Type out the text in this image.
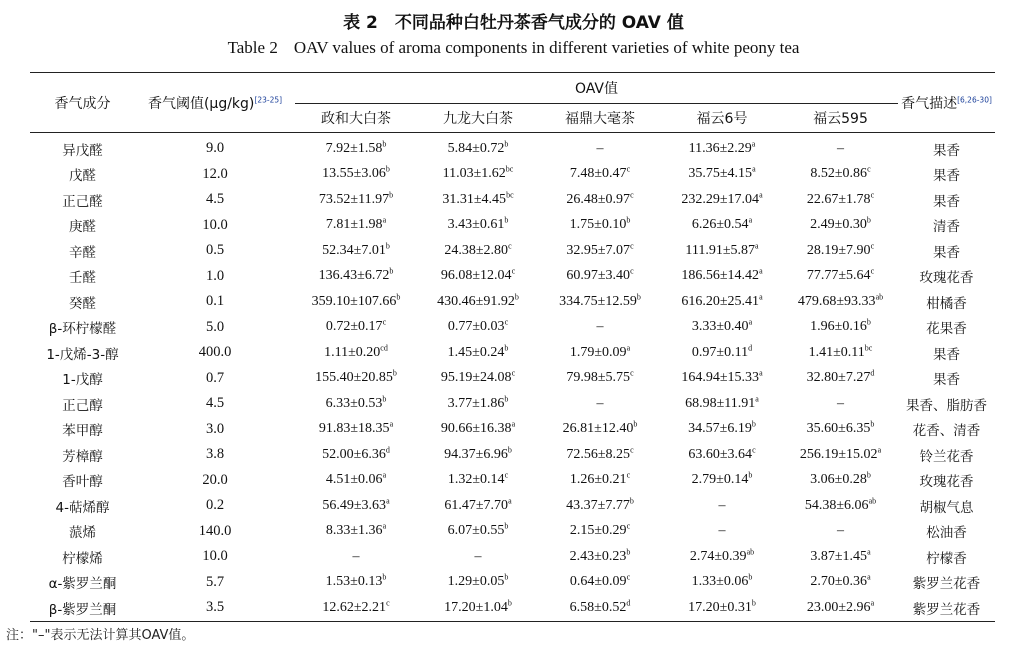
表 2　不同品种白牡丹茶香气成分的 OAV 值
Table 2 OAV values of aroma components in different varieties of white peony tea
香气成分	香气阈值(μg/kg)[23-25]	OAV值					香气描述[6,26-30]
		政和大白茶	九龙大白茶	福鼎大毫茶	福云6号	福云595	
异戊醛	9.0	7.92±1.58$^b$	5.84±0.72$^b$	–	11.36±2.29$^a$	–	果香
戊醛	12.0	13.55±3.06$^b$	11.03±1.62$^{bc}$	7.48±0.47$^c$	35.75±4.15$^a$	8.52±0.86$^c$	果香
正己醛	4.5	73.52±11.97$^b$	31.31±4.45$^{bc}$	26.48±0.97$^c$	232.29±17.04$^a$	22.67±1.78$^c$	果香
庚醛	10.0	7.81±1.98$^a$	3.43±0.61$^b$	1.75±0.10$^b$	6.26±0.54$^a$	2.49±0.30$^b$	清香
辛醛	0.5	52.34±7.01$^b$	24.38±2.80$^c$	32.95±7.07$^c$	111.91±5.87$^a$	28.19±7.90$^c$	果香
壬醛	1.0	136.43±6.72$^b$	96.08±12.04$^c$	60.97±3.40$^c$	186.56±14.42$^a$	77.77±5.64$^c$	玫瑰花香
癸醛	0.1	359.10±107.66$^b$	430.46±91.92$^b$	334.75±12.59$^b$	616.20±25.41$^a$	479.68±93.33$^{ab}$	柑橘香
β-环柠檬醛	5.0	0.72±0.17$^c$	0.77±0.03$^c$	–	3.33±0.40$^a$	1.96±0.16$^b$	花果香
1-戊烯-3-醇	400.0	1.11±0.20$^{cd}$	1.45±0.24$^b$	1.79±0.09$^a$	0.97±0.11$^d$	1.41±0.11$^{bc}$	果香
1-戊醇	0.7	155.40±20.85$^b$	95.19±24.08$^c$	79.98±5.75$^c$	164.94±15.33$^a$	32.80±7.27$^d$	果香
正己醇	4.5	6.33±0.53$^b$	3.77±1.86$^b$	–	68.98±11.91$^a$	–	果香、脂肪香
苯甲醇	3.0	91.83±18.35$^a$	90.66±16.38$^a$	26.81±12.40$^b$	34.57±6.19$^b$	35.60±6.35$^b$	花香、清香
芳樟醇	3.8	52.00±6.36$^d$	94.37±6.96$^b$	72.56±8.25$^c$	63.60±3.64$^c$	256.19±15.02$^a$	铃兰花香
香叶醇	20.0	4.51±0.06$^a$	1.32±0.14$^c$	1.26±0.21$^c$	2.79±0.14$^b$	3.06±0.28$^b$	玫瑰花香
4-萜烯醇	0.2	56.49±3.63$^a$	61.47±7.70$^a$	43.37±7.77$^b$	–	54.38±6.06$^{ab}$	胡椒气息
蒎烯	140.0	8.33±1.36$^a$	6.07±0.55$^b$	2.15±0.29$^c$	–	–	松油香
柠檬烯	10.0	–	–	2.43±0.23$^b$	2.74±0.39$^{ab}$	3.87±1.45$^a$	柠檬香
α-紫罗兰酮	5.7	1.53±0.13$^b$	1.29±0.05$^b$	0.64±0.09$^c$	1.33±0.06$^b$	2.70±0.36$^a$	紫罗兰花香
β-紫罗兰酮	3.5	12.62±2.21$^c$	17.20±1.04$^b$	6.58±0.52$^d$	17.20±0.31$^b$	23.00±2.96$^a$	紫罗兰花香
注："–"表示无法计算其OAV值。
